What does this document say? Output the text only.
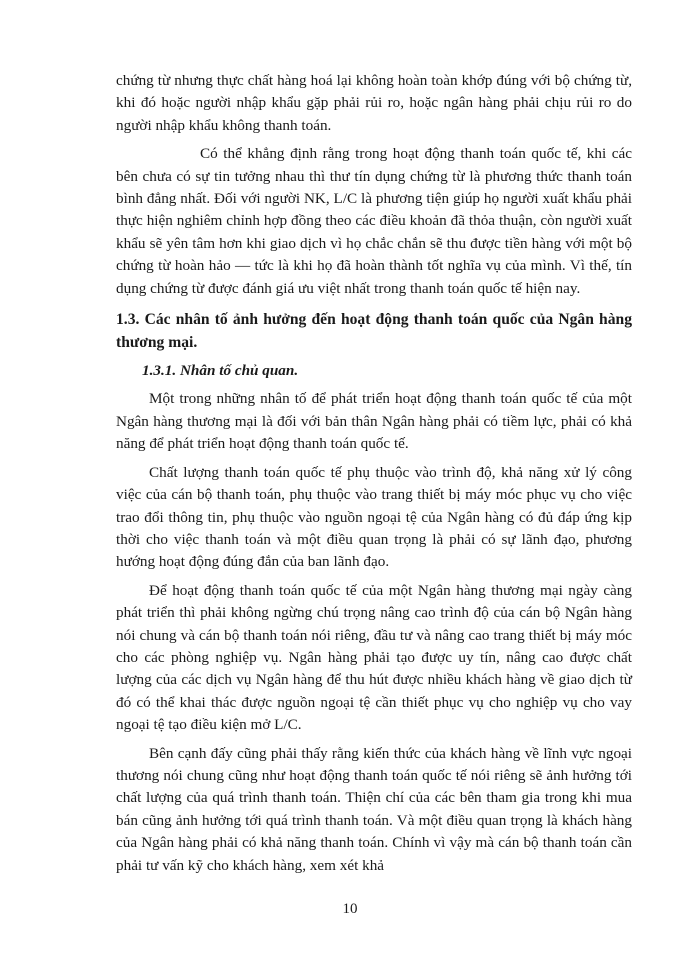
chứng từ nhưng thực chất hàng hoá lại không hoàn toàn khớp đúng với bộ chứng từ, khi đó hoặc người nhập khẩu gặp phải rủi ro, hoặc ngân hàng phải chịu rủi ro do người nhập khẩu không thanh toán.

Có thể khẳng định rằng trong hoạt động thanh toán quốc tế, khi các bên chưa có sự tin tưởng nhau thì thư tín dụng chứng từ là phương thức thanh toán bình đẳng nhất. Đối với người NK, L/C là phương tiện giúp họ người xuất khẩu phải thực hiện nghiêm chỉnh hợp đồng theo các điều khoản đã thỏa thuận, còn người xuất khẩu sẽ yên tâm hơn khi giao dịch vì họ chắc chắn sẽ thu được tiền hàng với một bộ chứng từ hoàn hảo — tức là khi họ đã hoàn thành tốt nghĩa vụ của mình. Vì thế, tín dụng chứng từ được đánh giá ưu việt nhất trong thanh toán quốc tế hiện nay.

1.3. Các nhân tố ảnh hưởng đến hoạt động thanh toán quốc của Ngân hàng thương mại.

1.3.1. Nhân tố chủ quan.

Một trong những nhân tố để phát triển hoạt động thanh toán quốc tế của một Ngân hàng thương mại là đối với bản thân Ngân hàng phải có tiềm lực, phải có khả năng để phát triển hoạt động thanh toán quốc tế.

Chất lượng thanh toán quốc tế phụ thuộc vào trình độ, khả năng xử lý công việc của cán bộ thanh toán, phụ thuộc vào trang thiết bị máy móc phục vụ cho việc trao đổi thông tin, phụ thuộc vào nguồn ngoại tệ của Ngân hàng có đủ đáp ứng kịp thời cho việc thanh toán và một điều quan trọng là phải có sự lãnh đạo, phương hướng hoạt động đúng đắn của ban lãnh đạo.

Để hoạt động thanh toán quốc tế của một Ngân hàng thương mại ngày càng phát triển thì phải không ngừng chú trọng nâng cao trình độ của cán bộ Ngân hàng nói chung và cán bộ thanh toán nói riêng, đầu tư và nâng cao trang thiết bị máy móc cho các phòng nghiệp vụ. Ngân hàng phải tạo được uy tín, nâng cao được chất lượng của các dịch vụ Ngân hàng để thu hút được nhiều khách hàng về giao dịch từ đó có thể khai thác được nguồn ngoại tệ cần thiết phục vụ cho nghiệp vụ cho vay ngoại tệ tạo điều kiện mở L/C.

Bên cạnh đấy cũng phải thấy rằng kiến thức của khách hàng về lĩnh vực ngoại thương nói chung cũng như hoạt động thanh toán quốc tế nói riêng sẽ ảnh hưởng tới chất lượng của quá trình thanh toán. Thiện chí của các bên tham gia trong khi mua bán cũng ảnh hưởng tới quá trình thanh toán. Và một điều quan trọng là khách hàng của Ngân hàng phải có khả năng thanh toán. Chính vì vậy mà cán bộ thanh toán cần phải tư vấn kỹ cho khách hàng, xem xét khả

10
